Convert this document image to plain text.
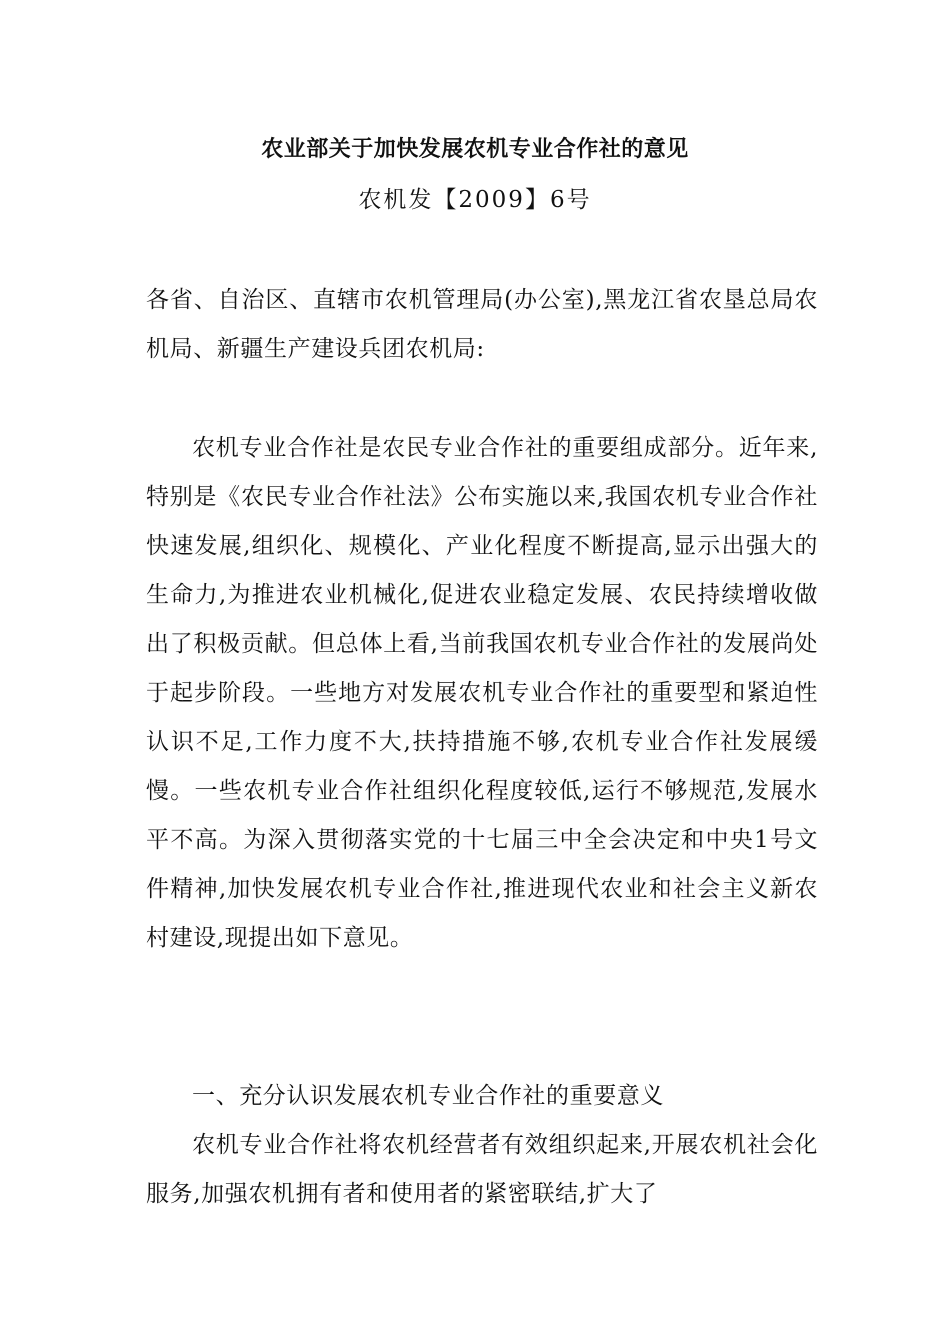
农业部关于加快发展农机专业合作社的意见
农机发【2009】6号

各省、自治区、直辖市农机管理局(办公室),黑龙江省农垦总局农机局、新疆生产建设兵团农机局:

农机专业合作社是农民专业合作社的重要组成部分。近年来,特别是《农民专业合作社法》公布实施以来,我国农机专业合作社快速发展,组织化、规模化、产业化程度不断提高,显示出强大的生命力,为推进农业机械化,促进农业稳定发展、农民持续增收做出了积极贡献。但总体上看,当前我国农机专业合作社的发展尚处于起步阶段。一些地方对发展农机专业合作社的重要型和紧迫性认识不足,工作力度不大,扶持措施不够,农机专业合作社发展缓慢。一些农机专业合作社组织化程度较低,运行不够规范,发展水平不高。为深入贯彻落实党的十七届三中全会决定和中央1号文件精神,加快发展农机专业合作社,推进现代农业和社会主义新农村建设,现提出如下意见。

一、充分认识发展农机专业合作社的重要意义

农机专业合作社将农机经营者有效组织起来,开展农机社会化服务,加强农机拥有者和使用者的紧密联结,扩大了
